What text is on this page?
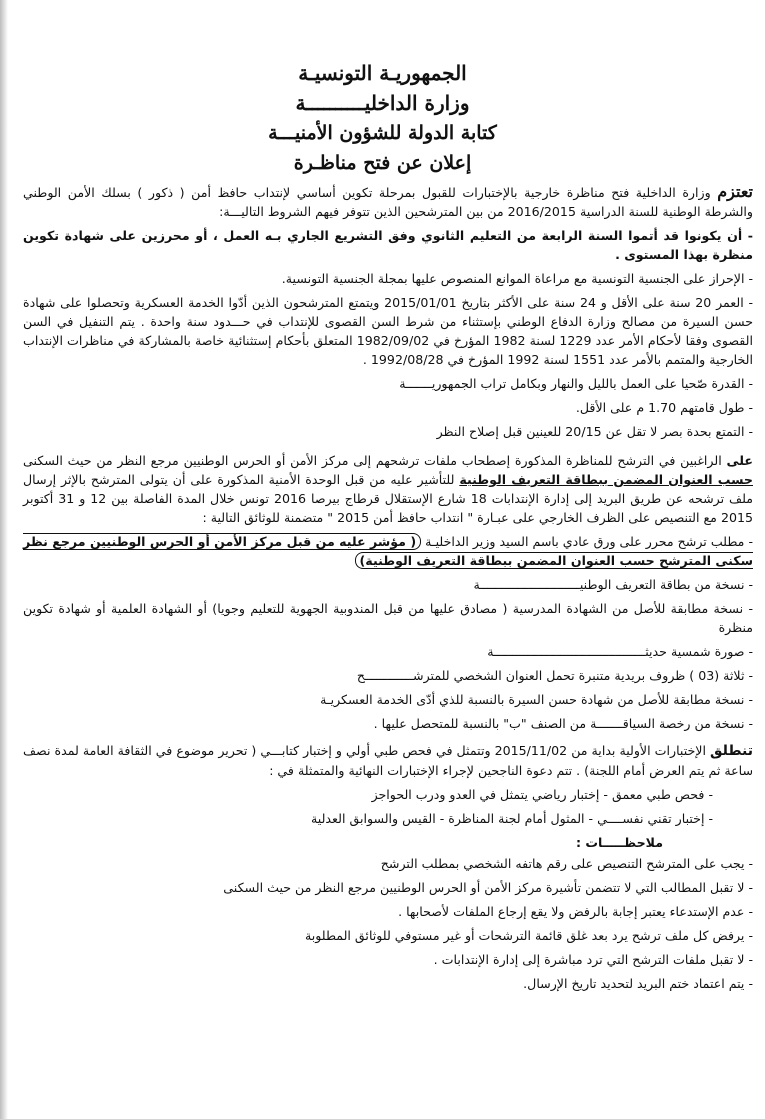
الجمهوريـة التونسيـة
وزارة الداخليــــــــــة
كتابة الدولة للشؤون الأمنيـــة
إعلان عن فتح مناظـرة

تعتزم وزارة الداخلية فتح مناظرة خارجية بالإختبارات للقبول بمرحلة تكوين أساسي لإنتداب حافظ أمن ( ذكور ) بسلك الأمن الوطني والشرطة الوطنية للسنة الدراسية 2016/2015 من بين المترشحين الذين تتوفر فيهم الشروط التاليـــة:

- أن يكونوا قد أتموا السنة الرابعة من التعليم الثانوي وفق التشريع الجاري بـه العمل ، أو محرزين على شهادة تكوين منظرة بهذا المستوى .

- الإحراز على الجنسية التونسية مع مراعاة الموانع المنصوص عليها بمجلة الجنسية التونسية.

- العمر 20 سنة على الأقل و 24 سنة على الأكثر بتاريخ 2015/01/01 ويتمتع المترشحون الذين أدّوا الخدمة العسكرية وتحصلوا على شهادة حسن السيرة من مصالح وزارة الدفاع الوطني بإستثناء من شرط السن القصوى للإنتداب في حـــدود سنة واحدة . يتم التنفيل في السن القصوى وفقا لأحكام الأمر عدد 1229 لسنة 1982 المؤرخ في 1982/09/02 المتعلق بأحكام إستثنائية خاصة بالمشاركة في مناظرات الإنتداب الخارجية والمتمم بالأمر عدد 1551 لسنة 1992 المؤرخ في 1992/08/28 .

- القدرة صّحيا على العمل بالليل والنهار وبكامل تراب الجمهوريـــــــة

- طول قامتهم 1.70 م على الأقل.

- التمتع بحدة بصر لا تقل عن 20/15 للعينين قبل إصلاح النظر

على الراغبين في الترشح للمناظرة المذكورة إصطحاب ملفات ترشحهم إلى مركز الأمن أو الحرس الوطنيين مرجع النظر من حيث السكنى حسب العنوان المضمن ببطاقة التعريف الوطنية للتأشير عليه من قبل الوحدة الأمنية المذكورة على أن يتولى المترشح بالإثر إرسال ملف ترشحه عن طريق البريد إلى إدارة الإنتدابات 18 شارع الإستقلال قرطاج بيرصا 2016 تونس خلال المدة الفاصلة بين 12 و 31 أكتوبر 2015 مع التنصيص على الظرف الخارجي على عبـارة " انتداب حافظ أمن 2015 " متضمنة للوثائق التالية :

- مطلب ترشح محرر على ورق عادي باسم السيد وزير الداخليـة ( مؤشر عليه من قبل مركز الأمن أو الحرس الوطنيين مرجع نظر سكنى المترشح حسب العنوان المضمن ببطاقة التعريف الوطنية)

- نسخة من بطاقة التعريف الوطنيـــــــــــــــــــــــــــة

- نسخة مطابقة للأصل من الشهادة المدرسية ( مصادق عليها من قبل المندوبية الجهوية للتعليم وجويا) أو الشهادة العلمية أو شهادة تكوين منظرة

- صورة شمسية حديثـــــــــــــــــــــــــــــــــــــــــة

- ثلاثة (03 ) ظروف بريدية متنبرة تحمل العنوان الشخصي للمترشـــــــــــــح

- نسخة مطابقة للأصل من شهادة حسن السيرة بالنسبة للذي أدّى الخدمة العسكريـة

- نسخة من رخصة السياقـــــــة من الصنف "ب" بالنسبة للمتحصل عليها .

تنطلق الإختبارات الأولية بداية من 2015/11/02 وتتمثل في فحص طبي أولي و إختبار كتابـــي ( تحرير موضوع في الثقافة العامة لمدة نصف ساعة ثم يتم العرض أمام اللجنة) . تتم دعوة الناجحين لإجراء الإختبارات النهائية والمتمثلة في :

- فحص طبي معمق - إختبار رياضي يتمثل في العدو ودرب الحواجز

- إختبار تقني نفســــي - المثول أمام لجنة المناظرة - القيس والسوابق العدلية

ملاحظـــــات :

- يجب على المترشح التنصيص على رقم هاتفه الشخصي بمطلب الترشح

- لا تقبل المطالب التي لا تتضمن تأشيرة مركز الأمن أو الحرس الوطنيين مرجع النظر من حيث السكنى

- عدم الإستدعاء يعتبر إجابة بالرفض ولا يقع إرجاع الملفات لأصحابها .

- يرفض كل ملف ترشح يرد بعد غلق قائمة الترشحات أو غير مستوفي للوثائق المطلوبة

- لا تقبل ملفات الترشح التي ترد مباشرة إلى إدارة الإنتدابات .

- يتم اعتماد ختم البريد لتحديد تاريخ الإرسال.
